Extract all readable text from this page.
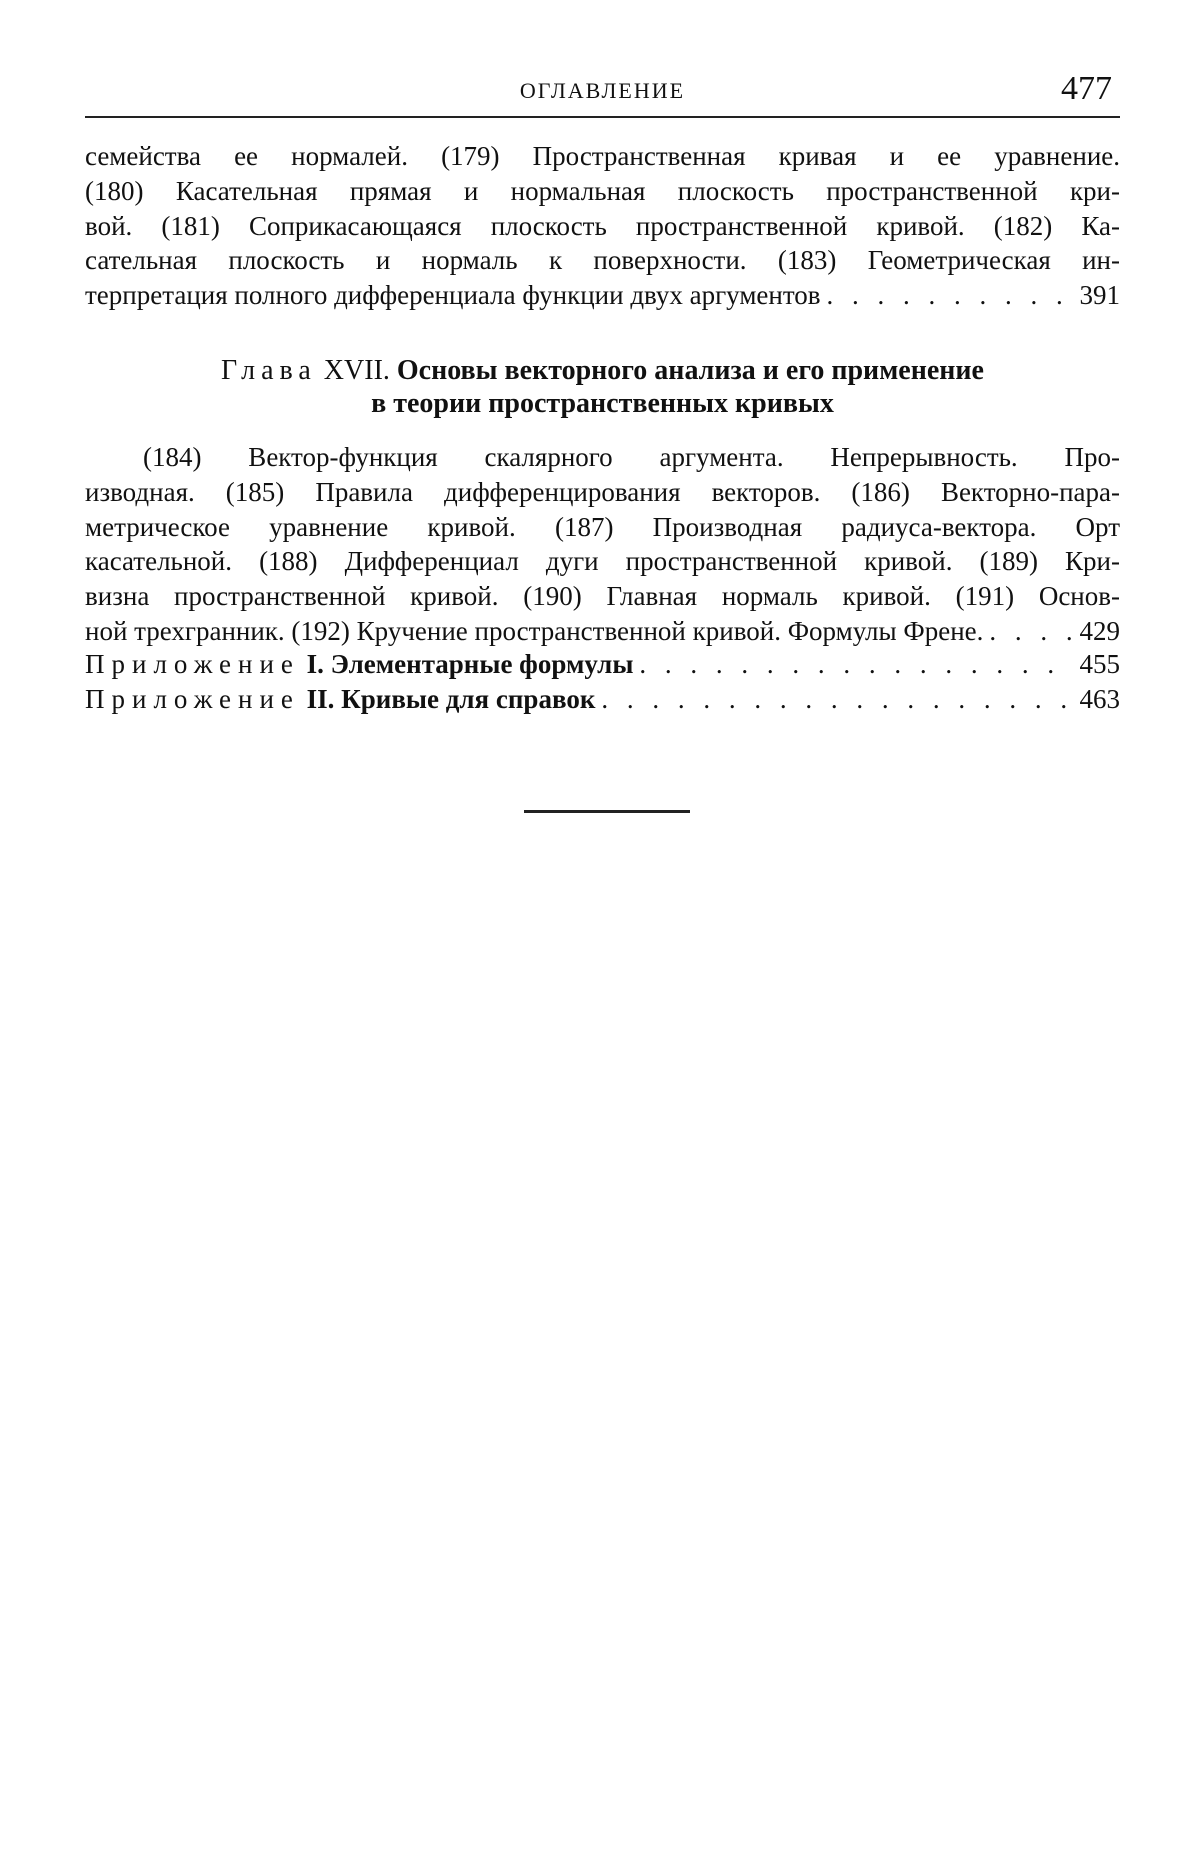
ОГЛАВЛЕНИЕ	477
семейства ее нормалей. (179) Пространственная кривая и ее уравнение.
(180) Касательная прямая и нормальная плоскость пространственной кри-
вой. (181) Соприкасающаяся плоскость пространственной кривой. (182) Ка-
сательная плоскость и нормаль к поверхности. (183) Геометрическая ин-
терпретация полного дифференциала функции двух аргументов . . .	391
Глава XVII. Основы векторного анализа и его применение
в теории пространственных кривых
(184) Вектор-функция скалярного аргумента. Непрерывность. Про-
изводная. (185) Правила дифференцирования векторов. (186) Векторно-пара-
метрическое уравнение кривой. (187) Производная радиуса-вектора. Орт
касательной. (188) Дифференциал дуги пространственной кривой. (189) Кри-
визна пространственной кривой. (190) Главная нормаль кривой. (191) Основ-
ной трехгранник. (192) Кручение пространственной кривой. Формулы Френе. . . .	429
Приложение I. Элементарные формулы . . .	455
Приложение II. Кривые для справок . . .	463
